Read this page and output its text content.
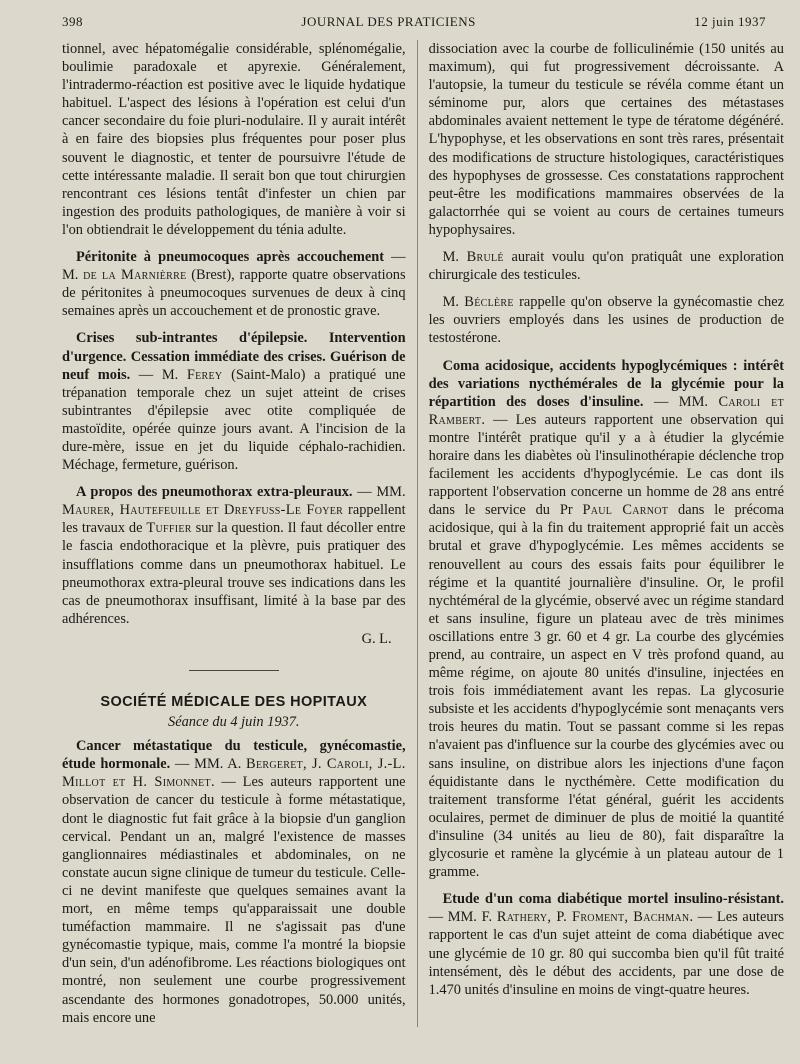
398	JOURNAL DES PRATICIENS	12 juin 1937

tionnel, avec hépatomégalie considérable, splénomégalie, boulimie paradoxale et apyrexie. Généralement, l'intradermo-réaction est positive avec le liquide hydatique habituel. L'aspect des lésions à l'opération est celui d'un cancer secondaire du foie pluri-nodulaire. Il y aurait intérêt à en faire des biopsies plus fréquentes pour poser plus souvent le diagnostic, et tenter de poursuivre l'étude de cette intéressante maladie. Il serait bon que tout chirurgien rencontrant ces lésions tentât d'infester un chien par ingestion des produits pathologiques, de manière à voir si l'on obtiendrait le développement du ténia adulte.

Péritonite à pneumocoques après accouchement — M. de la Marnièrre (Brest), rapporte quatre observations de péritonites à pneumocoques survenues de deux à cinq semaines après un accouchement et de pronostic grave.

Crises sub-intrantes d'épilepsie. Intervention d'urgence. Cessation immédiate des crises. Guérison de neuf mois. — M. Ferey (Saint-Malo) a pratiqué une trépanation temporale chez un sujet atteint de crises subintrantes d'épilepsie avec otite compliquée de mastoïdite, opérée quinze jours avant. A l'incision de la dure-mère, issue en jet du liquide céphalo-rachidien. Méchage, fermeture, guérison.

A propos des pneumothorax extra-pleuraux. — MM. Maurer, Hautefeuille et Dreyfuss-Le Foyer rappellent les travaux de Tuffier sur la question. Il faut décoller entre le fascia endothoracique et la plèvre, puis pratiquer des insufflations comme dans un pneumothorax habituel. Le pneumothorax extra-pleural trouve ses indications dans les cas de pneumothorax insuffisant, limité à la base par des adhérences.

G. L.
SOCIÉTÉ MÉDICALE DES HOPITAUX
Séance du 4 juin 1937.

Cancer métastatique du testicule, gynécomastie, étude hormonale. — MM. A. Bergeret, J. Caroli, J.-L. Millot et H. Simonnet. — Les auteurs rapportent une observation de cancer du testicule à forme métastatique, dont le diagnostic fut fait grâce à la biopsie d'un ganglion cervical. Pendant un an, malgré l'existence de masses ganglionnaires médiastinales et abdominales, on ne constate aucun signe clinique de tumeur du testicule. Celle-ci ne devint manifeste que quelques semaines avant la mort, en même temps qu'apparaissait une double tuméfaction mammaire. Il ne s'agissait pas d'une gynécomastie typique, mais, comme l'a montré la biopsie d'un sein, d'un adénofibrome. Les réactions biologiques ont montré, non seulement une courbe progressivement ascendante des hormones gonadotropes, 50.000 unités, mais encore une

dissociation avec la courbe de folliculinémie (150 unités au maximum), qui fut progressivement décroissante. A l'autopsie, la tumeur du testicule se révéla comme étant un séminome pur, alors que certaines des métastases abdominales avaient nettement le type de tératome dégénéré. L'hypophyse, et les observations en sont très rares, présentait des modifications de structure histologiques, caractéristiques des hypophyses de grossesse. Ces constatations rapprochent peut-être les modifications mammaires observées de la galactorrhée qui se voient au cours de certaines tumeurs hypophysaires.

M. Brulé aurait voulu qu'on pratiquât une exploration chirurgicale des testicules.

M. Béclère rappelle qu'on observe la gynécomastie chez les ouvriers employés dans les usines de production de testostérone.

Coma acidosique, accidents hypoglycémiques : intérêt des variations nycthémérales de la glycémie pour la répartition des doses d'insuline. — MM. Caroli et Rambert. — Les auteurs rapportent une observation qui montre l'intérêt pratique qu'il y a à étudier la glycémie horaire dans les diabètes où l'insulinothérapie déclenche trop facilement les accidents d'hypoglycémie. Le cas dont ils rapportent l'observation concerne un homme de 28 ans entré dans le service du Pr Paul Carnot dans le précoma acidosique, qui à la fin du traitement approprié fait un accès brutal et grave d'hypoglycémie. Les mêmes accidents se renouvellent au cours des essais faits pour équilibrer le régime et la quantité journalière d'insuline. Or, le profil nychtéméral de la glycémie, observé avec un régime standard et sans insuline, figure un plateau avec de très minimes oscillations entre 3 gr. 60 et 4 gr. La courbe des glycémies prend, au contraire, un aspect en V très profond quand, au même régime, on ajoute 80 unités d'insuline, injectées en trois fois immédiatement avant les repas. La glycosurie subsiste et les accidents d'hypoglycémie sont menaçants vers trois heures du matin. Tout se passant comme si les repas n'avaient pas d'influence sur la courbe des glycémies avec ou sans insuline, on distribue alors les injections d'une façon équidistante dans le nycthémère. Cette modification du traitement transforme l'état général, guérit les accidents oculaires, permet de diminuer de plus de moitié la quantité d'insuline (34 unités au lieu de 80), fait disparaître la glycosurie et ramène la glycémie à un plateau autour de 1 gramme.

Etude d'un coma diabétique mortel insulino-résistant. — MM. F. Rathery, P. Froment, Bachman. — Les auteurs rapportent le cas d'un sujet atteint de coma diabétique avec une glycémie de 10 gr. 80 qui succomba bien qu'il fût traité intensément, dès le début des accidents, par une dose de 1.470 unités d'insuline en moins de vingt-quatre heures.
